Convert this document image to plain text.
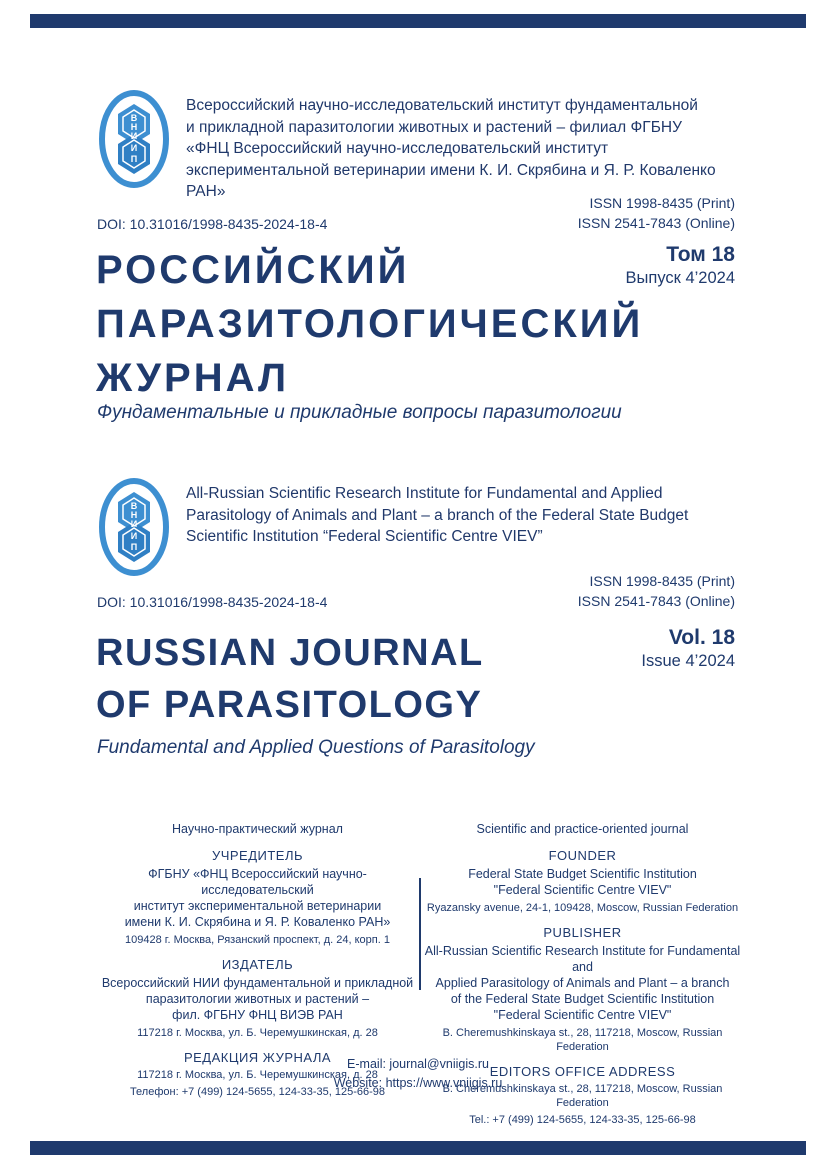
В
Н
И
И
П
Всероссийский научно-исследовательский институт фундаментальной
и прикладной паразитологии животных и растений – филиал ФГБНУ
«ФНЦ Всероссийский научно-исследовательский институт
экспериментальной ветеринарии имени К. И. Скрябина и Я. Р. Коваленко РАН»
DOI: 10.31016/1998-8435-2024-18-4
ISSN 1998-8435 (Print)
ISSN 2541-7843 (Online)
Том 18
Выпуск 4’2024
РОССИЙСКИЙ
ПАРАЗИТОЛОГИЧЕСКИЙ
ЖУРНАЛ
Фундаментальные и прикладные вопросы паразитологии
В
Н
И
И
П
All-Russian Scientific Research Institute for Fundamental and Applied
Parasitology of Animals and Plant – a branch of the Federal State Budget
Scientific Institution “Federal Scientific Centre VIEV”
DOI: 10.31016/1998-8435-2024-18-4
ISSN 1998-8435 (Print)
ISSN 2541-7843 (Online)
Vol. 18
Issue 4’2024
RUSSIAN JOURNAL
OF PARASITOLOGY
Fundamental and Applied Questions of Parasitology
Научно-практический журнал
УЧРЕДИТЕЛЬ
ФГБНУ «ФНЦ Всероссийский научно-исследовательский
институт экспериментальной ветеринарии
имени К. И. Скрябина и Я. Р. Коваленко РАН»
109428 г. Москва, Рязанский проспект, д. 24, корп. 1
ИЗДАТЕЛЬ
Всероссийский НИИ фундаментальной и прикладной
паразитологии животных и растений –
фил. ФГБНУ ФНЦ ВИЭВ РАН
117218 г. Москва, ул. Б. Черемушкинская, д. 28
РЕДАКЦИЯ ЖУРНАЛА
117218 г. Москва, ул. Б. Черемушкинская, д. 28
Телефон: +7 (499) 124-5655, 124-33-35, 125-66-98
Scientific and practice-oriented journal
FOUNDER
Federal State Budget Scientific Institution
"Federal Scientific Centre VIEV"
Ryazansky avenue, 24-1, 109428, Moscow, Russian Federation
PUBLISHER
All-Russian Scientific Research Institute for Fundamental and
Applied Parasitology of Animals and Plant – a branch
of the Federal State Budget Scientific Institution
"Federal Scientific Centre VIEV"
B. Cheremushkinskaya st., 28, 117218, Moscow, Russian Federation
EDITORS OFFICE ADDRESS
B. Cheremushkinskaya st., 28, 117218, Moscow, Russian Federation
Tel.: +7 (499) 124-5655, 124-33-35, 125-66-98
E-mail: journal@vniigis.ru
Website: https://www.vniigis.ru
